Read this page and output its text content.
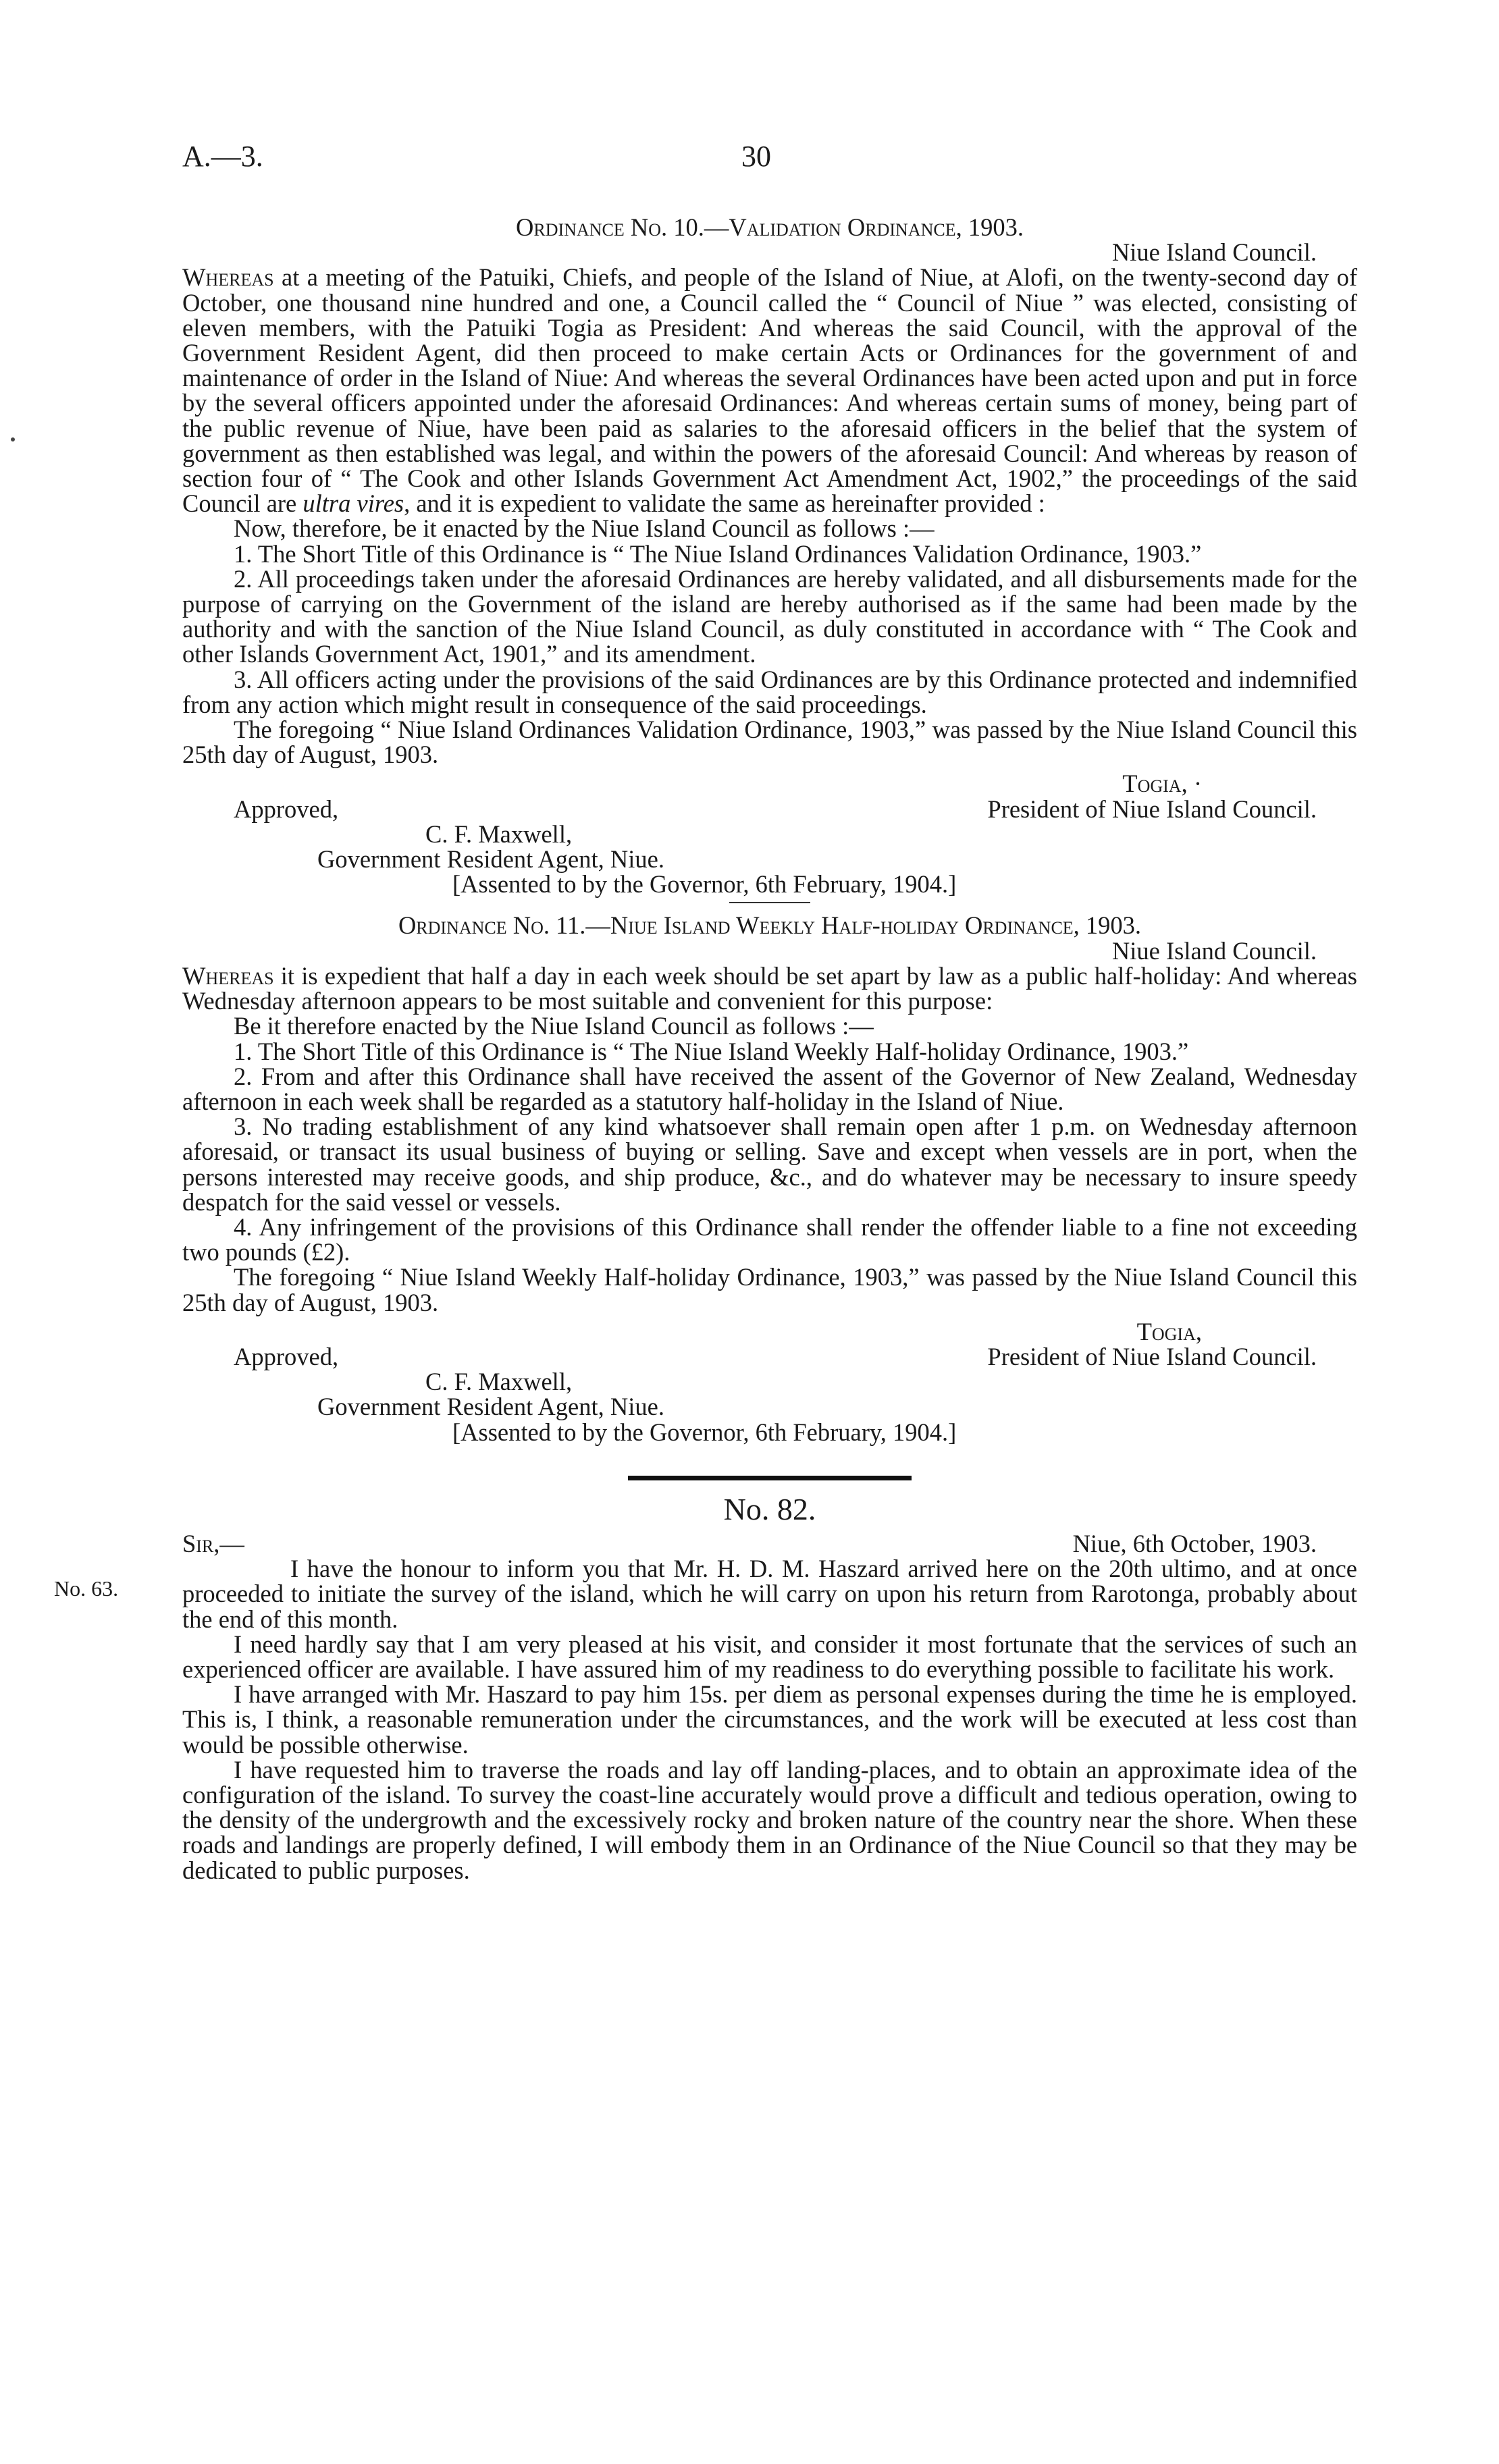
A.—3.	30

Ordinance No. 10.—Validation Ordinance, 1903.

Niue Island Council.

Whereas at a meeting of the Patuiki, Chiefs, and people of the Island of Niue, at Alofi, on the twenty-second day of October, one thousand nine hundred and one, a Council called the “ Council of Niue ” was elected, consisting of eleven members, with the Patuiki Togia as President: And whereas the said Council, with the approval of the Government Resident Agent, did then proceed to make certain Acts or Ordinances for the government of and maintenance of order in the Island of Niue: And whereas the several Ordinances have been acted upon and put in force by the several officers appointed under the aforesaid Ordinances: And whereas certain sums of money, being part of the public revenue of Niue, have been paid as salaries to the aforesaid officers in the belief that the system of government as then established was legal, and within the powers of the aforesaid Council: And whereas by reason of section four of “ The Cook and other Islands Government Act Amendment Act, 1902,” the proceedings of the said Council are ultra vires, and it is expedient to validate the same as hereinafter provided :

Now, therefore, be it enacted by the Niue Island Council as follows :—

1. The Short Title of this Ordinance is “ The Niue Island Ordinances Validation Ordinance, 1903.”

2. All proceedings taken under the aforesaid Ordinances are hereby validated, and all disbursements made for the purpose of carrying on the Government of the island are hereby authorised as if the same had been made by the authority and with the sanction of the Niue Island Council, as duly constituted in accordance with “ The Cook and other Islands Government Act, 1901,” and its amendment.

3. All officers acting under the provisions of the said Ordinances are by this Ordinance protected and indemnified from any action which might result in consequence of the said proceedings.

The foregoing “ Niue Island Ordinances Validation Ordinance, 1903,” was passed by the Niue Island Council this 25th day of August, 1903.

Togia, ·

Approved,	President of Niue Island Council.

C. F. Maxwell,

Government Resident Agent, Niue.

[Assented to by the Governor, 6th February, 1904.]

Ordinance No. 11.—Niue Island Weekly Half-holiday Ordinance, 1903.

Niue Island Council.

Whereas it is expedient that half a day in each week should be set apart by law as a public half-holiday: And whereas Wednesday afternoon appears to be most suitable and convenient for this purpose:

Be it therefore enacted by the Niue Island Council as follows :—

1. The Short Title of this Ordinance is “ The Niue Island Weekly Half-holiday Ordinance, 1903.”

2. From and after this Ordinance shall have received the assent of the Governor of New Zealand, Wednesday afternoon in each week shall be regarded as a statutory half-holiday in the Island of Niue.

3. No trading establishment of any kind whatsoever shall remain open after 1 p.m. on Wednesday afternoon aforesaid, or transact its usual business of buying or selling. Save and except when vessels are in port, when the persons interested may receive goods, and ship produce, &c., and do whatever may be necessary to insure speedy despatch for the said vessel or vessels.

4. Any infringement of the provisions of this Ordinance shall render the offender liable to a fine not exceeding two pounds (£2).

The foregoing “ Niue Island Weekly Half-holiday Ordinance, 1903,” was passed by the Niue Island Council this 25th day of August, 1903.

Togia,

Approved,	President of Niue Island Council.

C. F. Maxwell,

Government Resident Agent, Niue.

[Assented to by the Governor, 6th February, 1904.]

No. 82.

Sir,—	Niue, 6th October, 1903.
No. 63.

I have the honour to inform you that Mr. H. D. M. Haszard arrived here on the 20th ultimo, and at once proceeded to initiate the survey of the island, which he will carry on upon his return from Rarotonga, probably about the end of this month.

I need hardly say that I am very pleased at his visit, and consider it most fortunate that the services of such an experienced officer are available. I have assured him of my readiness to do everything possible to facilitate his work.

I have arranged with Mr. Haszard to pay him 15s. per diem as personal expenses during the time he is employed. This is, I think, a reasonable remuneration under the circumstances, and the work will be executed at less cost than would be possible otherwise.

I have requested him to traverse the roads and lay off landing-places, and to obtain an approximate idea of the configuration of the island. To survey the coast-line accurately would prove a difficult and tedious operation, owing to the density of the undergrowth and the excessively rocky and broken nature of the country near the shore. When these roads and landings are properly defined, I will embody them in an Ordinance of the Niue Council so that they may be dedicated to public purposes.
